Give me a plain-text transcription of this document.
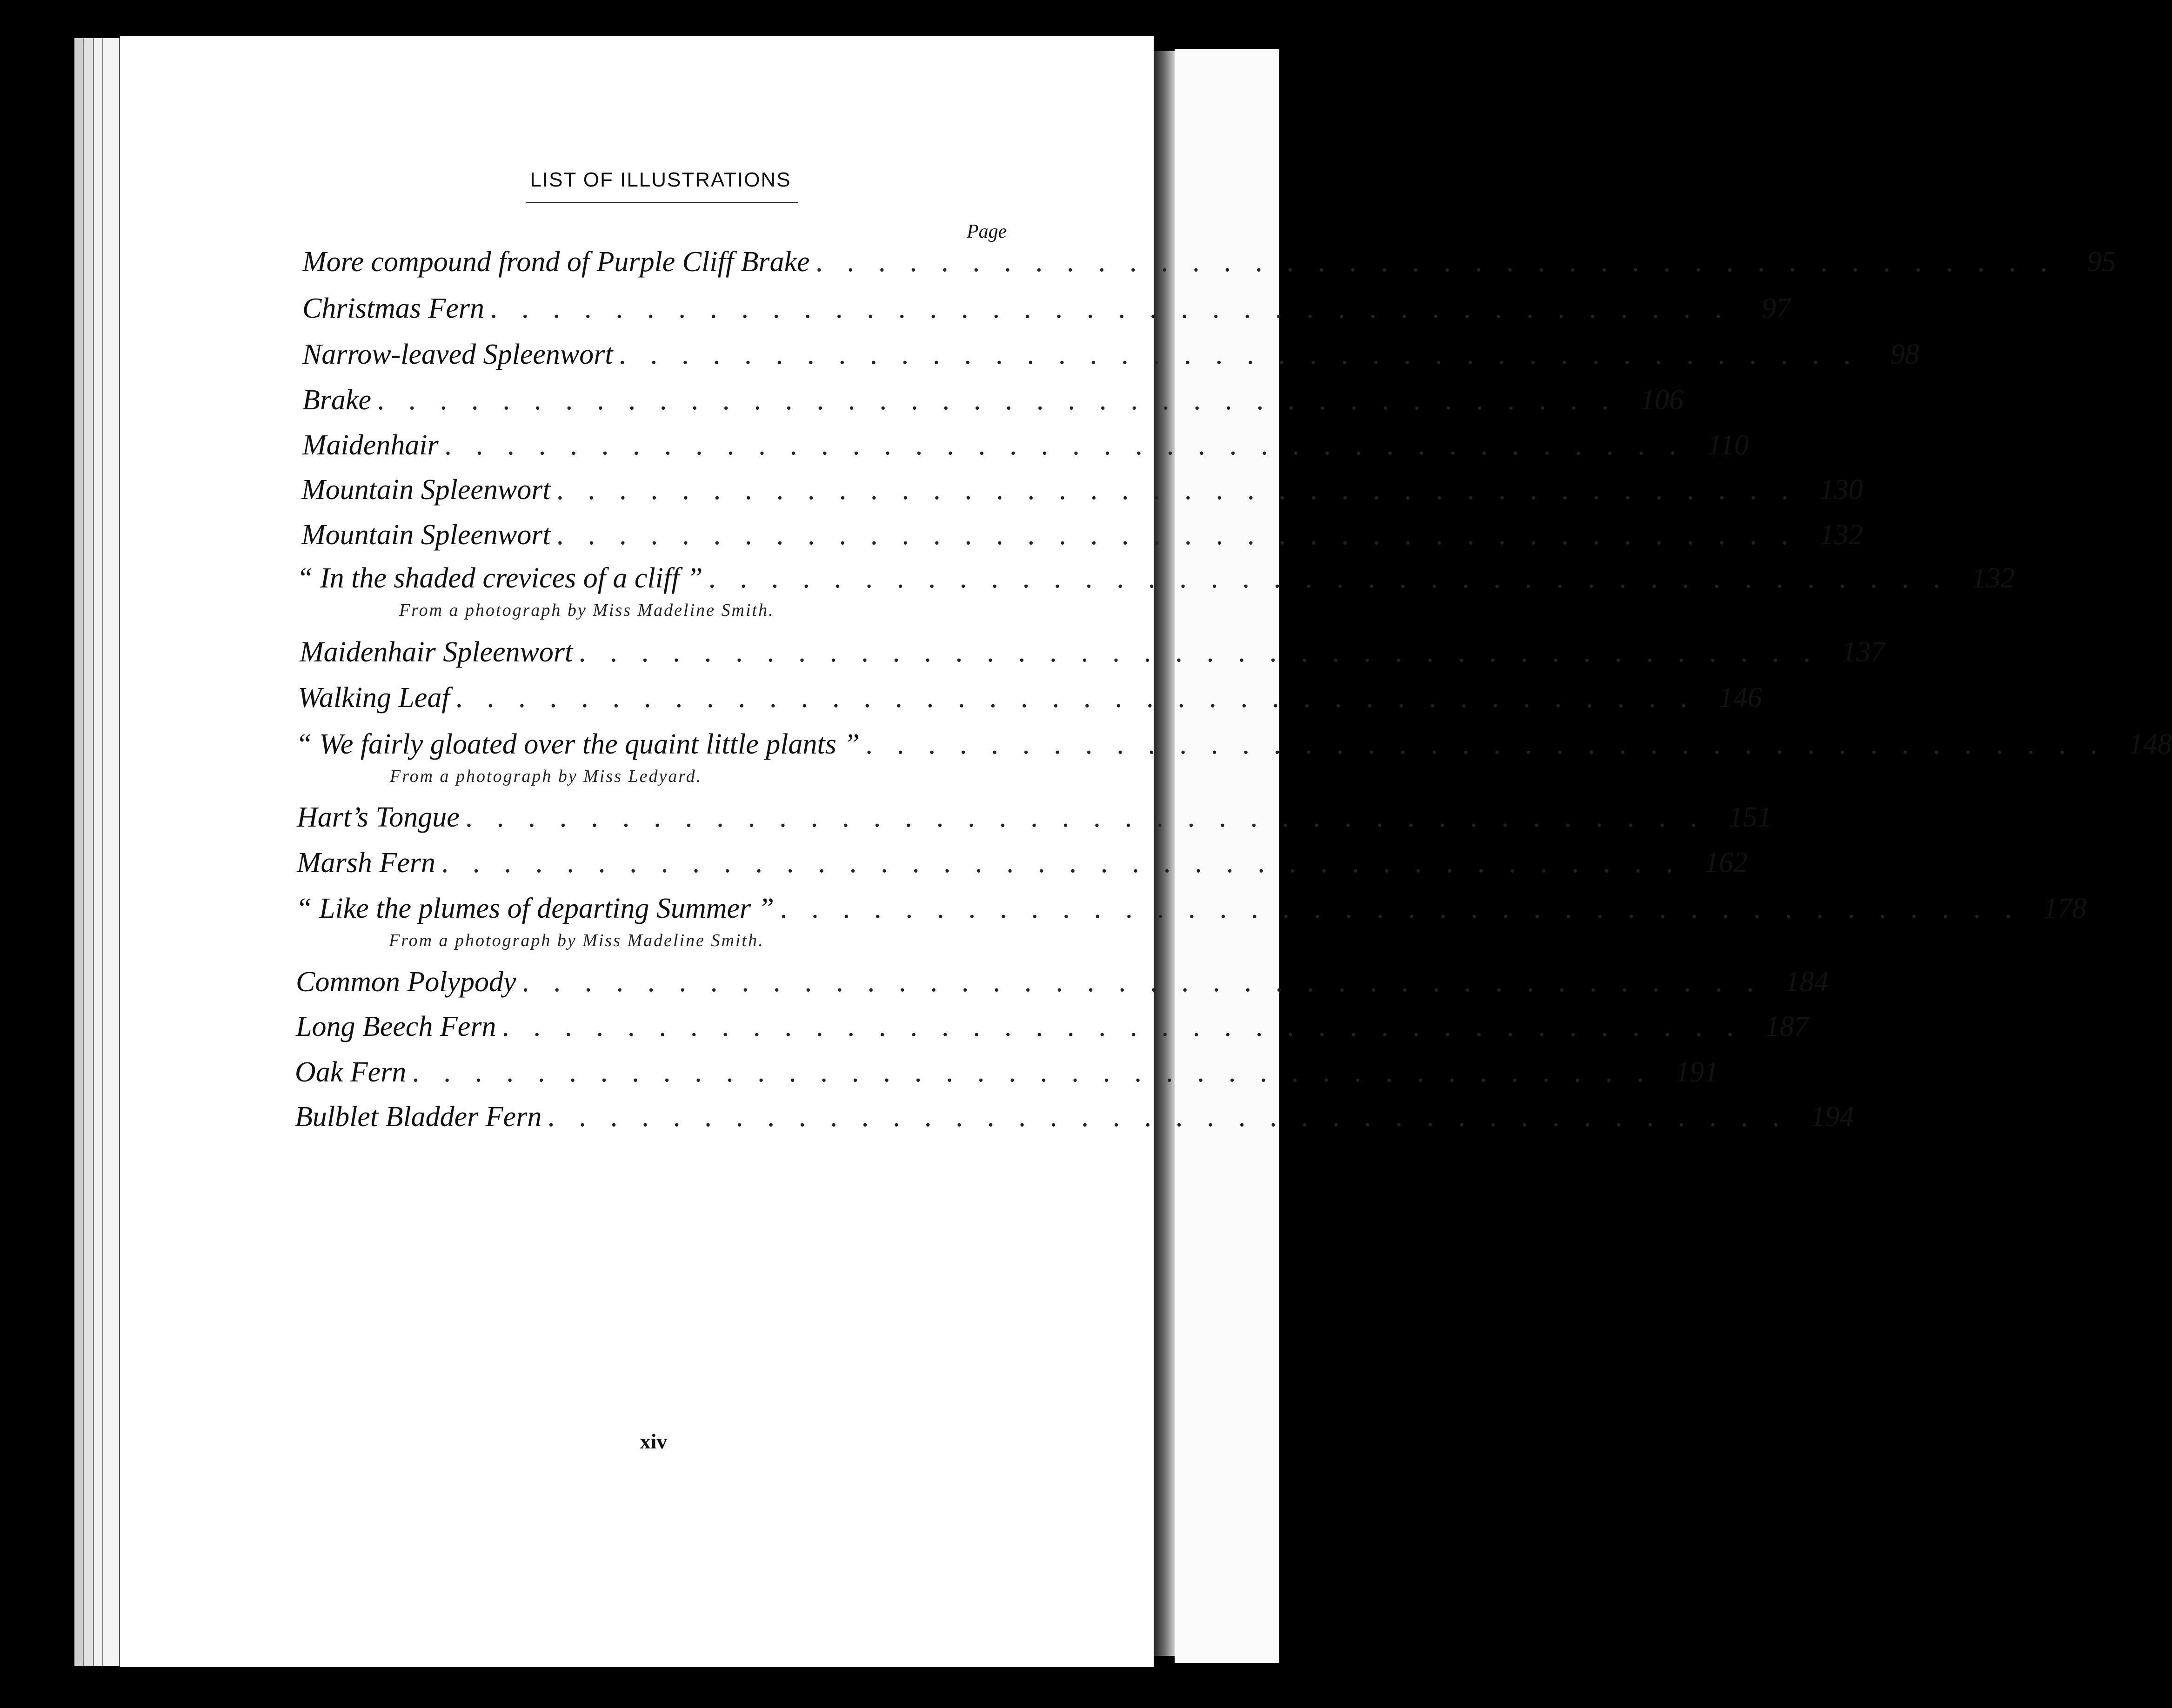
LIST OF ILLUSTRATIONS
Page
More compound frond of Purple Cliff Brake ........................................ 95
Christmas Fern ........................................ 97
Narrow-leaved Spleenwort ........................................ 98
Brake ........................................ 106
Maidenhair ........................................ 110
Mountain Spleenwort ........................................ 130
Mountain Spleenwort ........................................ 132
“ In the shaded crevices of a cliff ” ........................................ 132
From a photograph by Miss Madeline Smith.
Maidenhair Spleenwort ........................................ 137
Walking Leaf ........................................ 146
“ We fairly gloated over the quaint little plants ” ........................................ 148
From a photograph by Miss Ledyard.
Hart’s Tongue ........................................ 151
Marsh Fern ........................................ 162
“ Like the plumes of departing Summer ” ........................................ 178
From a photograph by Miss Madeline Smith.
Common Polypody ........................................ 184
Long Beech Fern ........................................ 187
Oak Fern ........................................ 191
Bulblet Bladder Fern ........................................ 194
xiv
